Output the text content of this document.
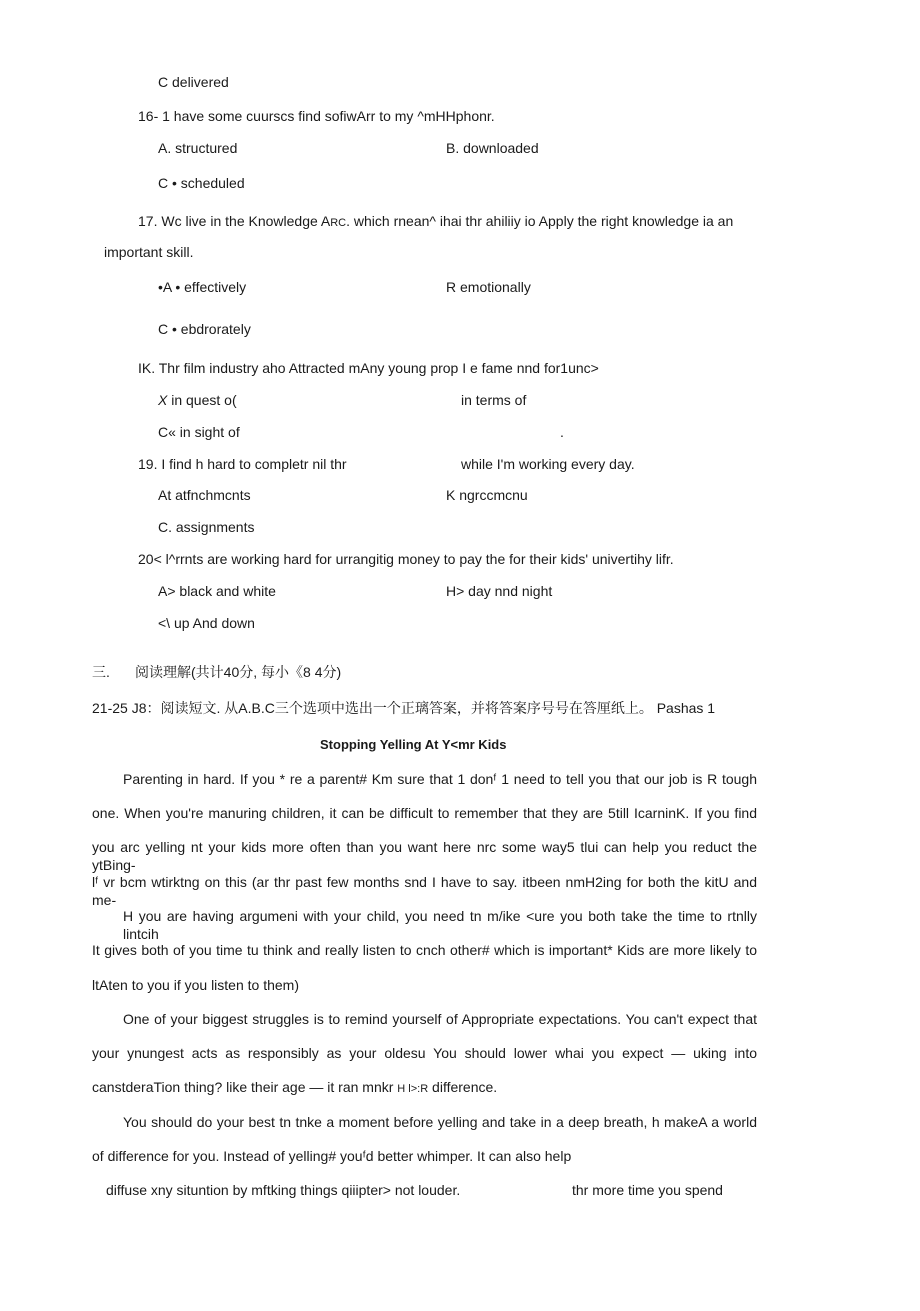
C delivered
16- 1 have some cuurscs find sofiwArr to my ^mHHphonr.
A. structured	B. downloaded
C • scheduled
17. Wc live in the Knowledge ARC. which rnean^ ihai thr ahiliiy io Apply the right knowledge ia an
important skill.
•A • effectively	R emotionally
C • ebdrorately
IK. Thr film industry aho Attracted mAny young prop I e fame nnd for1unc>
X in quest o(	in terms of
C« in sight of	.
19. I find h hard to completr nil thr	while I'm working every day.
At atfnchmcnts	K ngrccmcnu
C. assignments
20< l^rrnts are working hard for urrangitig money to pay the for their kids' univertihy lifr.
A> black and white	H> day nnd night
<\ up And down
三. 阅读理解(共计40分, 每小《8 4分)
21-25 J8：阅读短文. 从A.B.C三个选项中选出一个正璃答案，并将答案序号号在答厘纸上。 Pashas 1
Stopping Yelling At Y<mr Kids
Parenting in hard. If you * re a parent# Km sure that 1 donᶠ 1 need to tell you that our job is R tough
one. When you're manuring children, it can be difficult to remember that they are 5till IcarninK. If you find
you arc yelling nt your kids more often than you want here nrc some way5 tlui can help you reduct the ytBing-
lᶠ vr bcm wtirktng on this (ar thr past few months snd I have to say. itbeen nmH2ing for both the kitU and me-
H you are having argumeni with your child, you need tn m/ike <ure you both take the time to rtnlly lintcih
It gives both of you time tu think and really listen to cnch other# which is important* Kids are more likely to
ltAten to you if you listen to them)
One of your biggest struggles is to remind yourself of Appropriate expectations. You can't expect that
your ynungest acts as responsibly as your oldesu You should lower whai you expect — uking into
canstderaTion thing? like their age — it ran mnkr H l>:R difference.
You should do your best tn tnke a moment before yelling and take in a deep breath, h makeA a world
of difference for you. Instead of yelling# youᶠd better whimper. It can also help
diffuse xny situntion by mftking things qiiipter> not louder.	thr more time you spend
